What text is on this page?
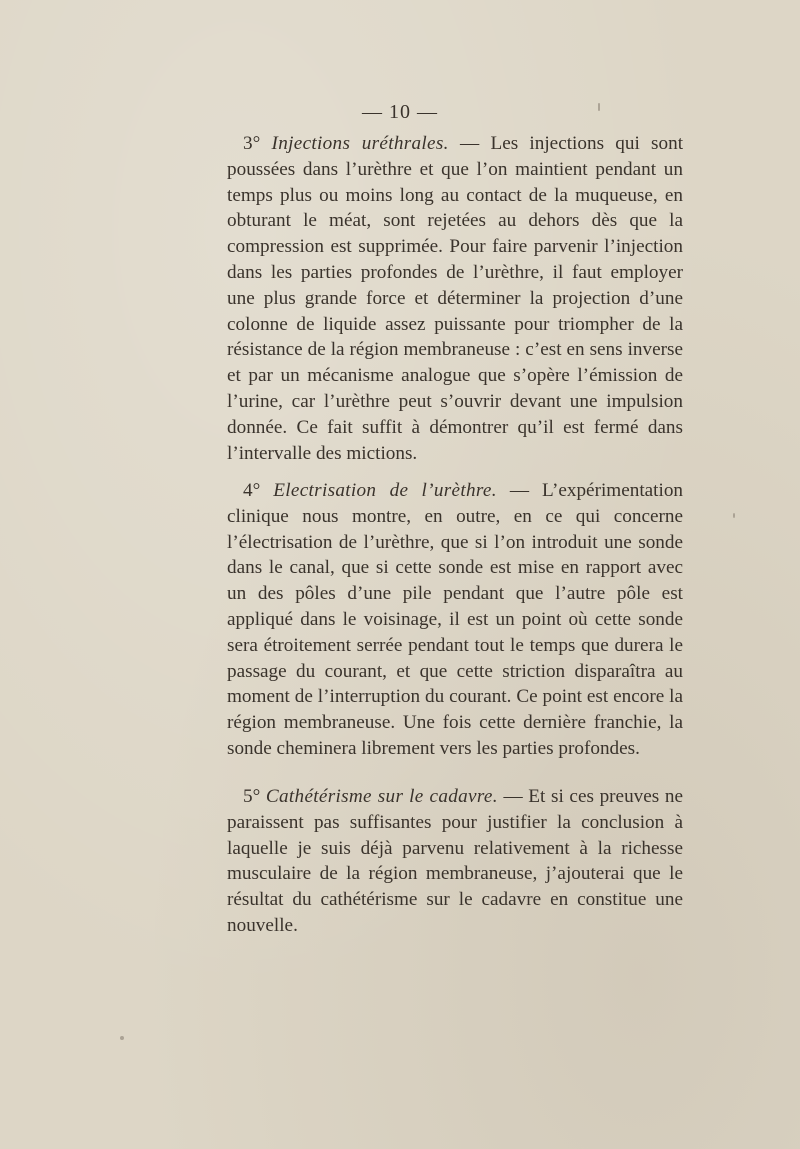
— 10 —

3° Injections uréthrales. — Les injections qui sont poussées dans l’urèthre et que l’on maintient pendant un temps plus ou moins long au contact de la muqueuse, en obturant le méat, sont rejetées au dehors dès que la compression est supprimée. Pour faire parvenir l’injection dans les parties profondes de l’urèthre, il faut employer une plus grande force et déterminer la projection d’une colonne de liquide assez puissante pour triompher de la résistance de la région membraneuse : c’est en sens inverse et par un mécanisme analogue que s’opère l’émission de l’urine, car l’urèthre peut s’ouvrir devant une impulsion donnée. Ce fait suffit à démontrer qu’il est fermé dans l’intervalle des mictions.

4° Electrisation de l’urèthre. — L’expérimentation clinique nous montre, en outre, en ce qui concerne l’électrisation de l’urèthre, que si l’on introduit une sonde dans le canal, que si cette sonde est mise en rapport avec un des pôles d’une pile pendant que l’autre pôle est appliqué dans le voisinage, il est un point où cette sonde sera étroitement serrée pendant tout le temps que durera le passage du courant, et que cette striction disparaîtra au moment de l’interruption du courant. Ce point est encore la région membraneuse. Une fois cette dernière franchie, la sonde cheminera librement vers les parties profondes.

5° Cathétérisme sur le cadavre. — Et si ces preuves ne paraissent pas suffisantes pour justifier la conclusion à laquelle je suis déjà parvenu relativement à la richesse musculaire de la région membraneuse, j’ajouterai que le résultat du cathétérisme sur le cadavre en constitue une nouvelle.
